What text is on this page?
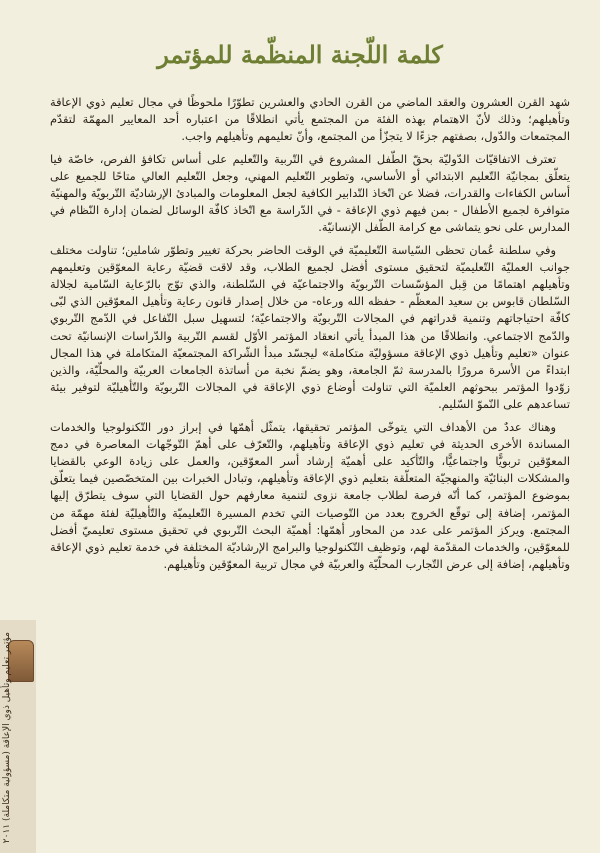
كلمة اللّجنة المنظّمة للمؤتمر

شهد القرن العشرون والعقد الماضي من القرن الحادي والعشرين تطوّرًا ملحوظًا في مجال تعليم ذوي الإعاقة وتأهيلهم؛ وذلك لأنّ الاهتمام بهذه الفئة من المجتمع يأتي انطلاقًا من اعتباره أحد المعايير المهمّة لتقدّم المجتمعات والدّول، بصفتهم جزءًا لا يتجزّأ من المجتمع، وأنّ تعليمهم وتأهيلهم واجب.

تعترف الاتفاقيّات الدّوليّة بحقّ الطّفل المشروع في التّربية والتّعليم على أساس تكافؤ الفرص، خاصّة فيا يتعلّق بمجانيّة التّعليم الابتدائي أو الأساسي، وتطوير التّعليم المهني، وجعل التّعليم العالي متاحًا للجميع على أساس الكفاءات والقدرات، فضلا عن اتّخاذ التّدابير الكافية لجعل المعلومات والمبادئ الإرشاديّة التّربويّة والمهنيّة متوافرة لجميع الأطفال - بمن فيهم ذوي الإعاقة - في الدّراسة مع اتّخاذ كافّة الوسائل لضمان إدارة النّظام في المدارس على نحو يتماشى مع كرامة الطّفل الإنسانيّة.

وفي سلطنة عُمان تحظى السّياسة التّعليميّة في الوقت الحاضر بحركة تغيير وتطوّر شاملين؛ تناولت مختلف جوانب العمليّة التّعليميّة لتحقيق مستوى أفضل لجميع الطلاب، وقد لاقت قضيّة رعاية المعوّقين وتعليمهم وتأهيلهم اهتمامًا من قِبل المؤسّسات التّربويّة والاجتماعيّة في السّلطنة، والذي توّج بالرّعاية السّامية لجلالة السّلطان قابوس بن سعيد المعظّم - حفظه الله ورعاه- من خلال إصدار قانون رعاية وتأهيل المعوّقين الذي لبّى كافّة احتياجاتهم وتنمية قدراتهم في المجالات التّربويّة والاجتماعيّة؛ لتسهيل سبل التّفاعل في الدّمج التّربوي والدّمج الاجتماعي. وانطلاقًا من هذا المبدأ يأتي انعقاد المؤتمر الأوّل لقسم التّربية والدّراسات الإنسانيّة تحت عنوان «تعليم وتأهيل ذوي الإعاقة مسؤوليّة متكاملة» ليجسّد مبدأ الشّراكة المجتمعيّة المتكاملة في هذا المجال ابتداءً من الأسرة مرورًا بالمدرسة ثمّ الجامعة، وهو يضمّ نخبة من أساتذة الجامعات العربيّة والمحلّيّة، والذين زوّدوا المؤتمر ببحوثهم العلميّة التي تناولت أوضاع ذوي الإعاقة في المجالات التّربويّة والتّأهيليّة لتوفير بيئة تساعدهم على النّموّ السّليم.

وهناك عددٌ من الأهداف التي يتوخّى المؤتمر تحقيقها، يتمثّل أهمّها في إبراز دور التّكنولوجيا والخدمات المساندة الأخرى الحديثة في تعليم ذوي الإعاقة وتأهيلهم، والتّعرّف على أهمّ التّوجّهات المعاصرة في دمج المعوّقين تربويًّا واجتماعيًّا، والتّأكيد على أهميّة إرشاد أسر المعوّقين، والعمل على زيادة الوعي بالقضايا والمشكلات البنائيّة والمنهجيّة المتعلّقة بتعليم ذوي الإعاقة وتأهيلهم، وتبادل الخبرات بين المتخصّصين فيما يتعلّق بموضوع المؤتمر، كما أنّه فرصة لطلاب جامعة نزوى لتنمية معارفهم حول القضايا التي سوف يتطرّق إليها المؤتمر، إضافة إلى توقّع الخروج بعدد من التّوصيات التي تخدم المسيرة التّعليميّة والتّأهيليّة لفئة مهمّة من المجتمع. ويركز المؤتمر على عدد من المحاور أهمّها: أهميّة البحث التّربوي في تحقيق مستوى تعليميّ أفضل للمعوّقين، والخدمات المقدّمة لهم، وتوظيف التّكنولوجيا والبرامج الإرشاديّة المختلفة في خدمة تعليم ذوي الإعاقة وتأهيلهم، إضافة إلى عرض التّجارب المحلّيّة والعربيّة في مجال تربية المعوّقين وتأهيلهم.

مؤتمر تعليم وتأهيل ذوي الإعاقة (مسؤولية متكاملة) ٢٠١١
